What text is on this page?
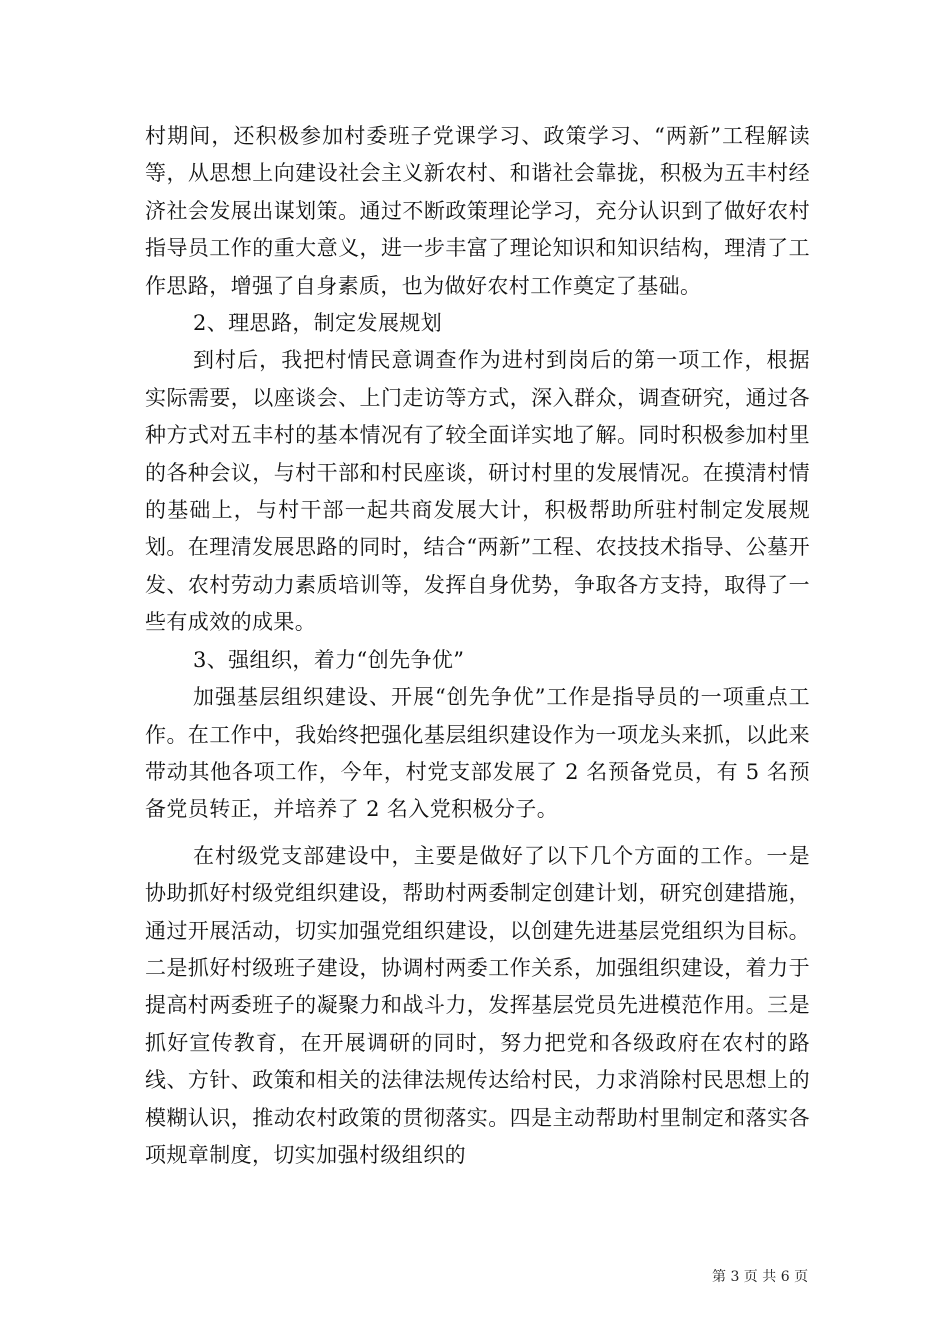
村期间，还积极参加村委班子党课学习、政策学习、“两新”工程解读等，从思想上向建设社会主义新农村、和谐社会靠拢，积极为五丰村经济社会发展出谋划策。通过不断政策理论学习，充分认识到了做好农村指导员工作的重大意义，进一步丰富了理论知识和知识结构，理清了工作思路，增强了自身素质，也为做好农村工作奠定了基础。

2、理思路，制定发展规划

到村后，我把村情民意调查作为进村到岗后的第一项工作，根据实际需要，以座谈会、上门走访等方式，深入群众，调查研究，通过各种方式对五丰村的基本情况有了较全面详实地了解。同时积极参加村里的各种会议，与村干部和村民座谈，研讨村里的发展情况。在摸清村情的基础上，与村干部一起共商发展大计，积极帮助所驻村制定发展规划。在理清发展思路的同时，结合“两新”工程、农技技术指导、公墓开发、农村劳动力素质培训等，发挥自身优势，争取各方支持，取得了一些有成效的成果。

3、强组织，着力“创先争优”

加强基层组织建设、开展“创先争优”工作是指导员的一项重点工作。在工作中，我始终把强化基层组织建设作为一项龙头来抓，以此来带动其他各项工作，今年，村党支部发展了 2 名预备党员，有 5 名预备党员转正，并培养了 2 名入党积极分子。

在村级党支部建设中，主要是做好了以下几个方面的工作。一是协助抓好村级党组织建设，帮助村两委制定创建计划，研究创建措施，通过开展活动，切实加强党组织建设，以创建先进基层党组织为目标。二是抓好村级班子建设，协调村两委工作关系，加强组织建设，着力于提高村两委班子的凝聚力和战斗力，发挥基层党员先进模范作用。三是抓好宣传教育，在开展调研的同时，努力把党和各级政府在农村的路线、方针、政策和相关的法律法规传达给村民，力求消除村民思想上的模糊认识，推动农村政策的贯彻落实。四是主动帮助村里制定和落实各项规章制度，切实加强村级组织的

第 3 页 共 6 页
